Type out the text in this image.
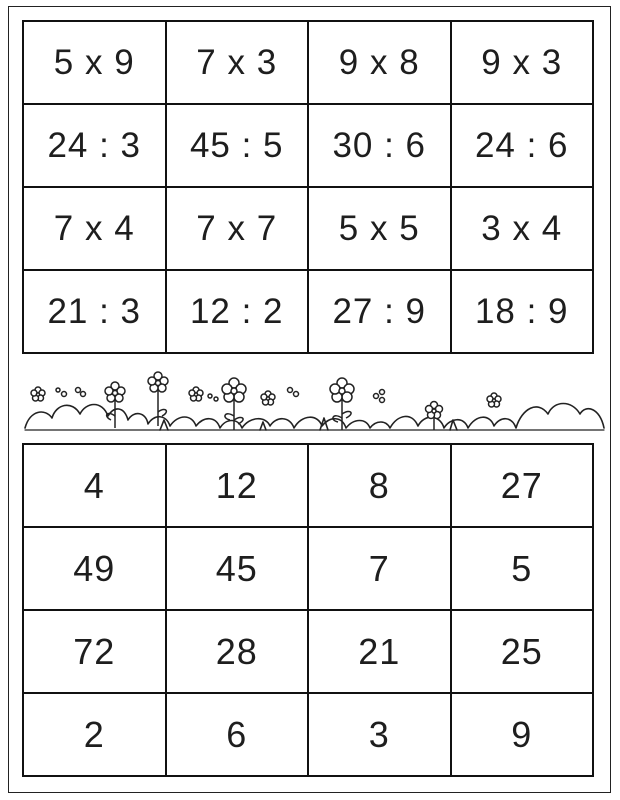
5 x 9	7 x 3	9 x 8	9 x 3
24 : 3	45 : 5	30 : 6	24 : 6
7 x 4	7 x 7	5 x 5	3 x 4
21 : 3	12 : 2	27 : 9	18 : 9
4	12	8	27
49	45	7	5
72	28	21	25
2	6	3	9
